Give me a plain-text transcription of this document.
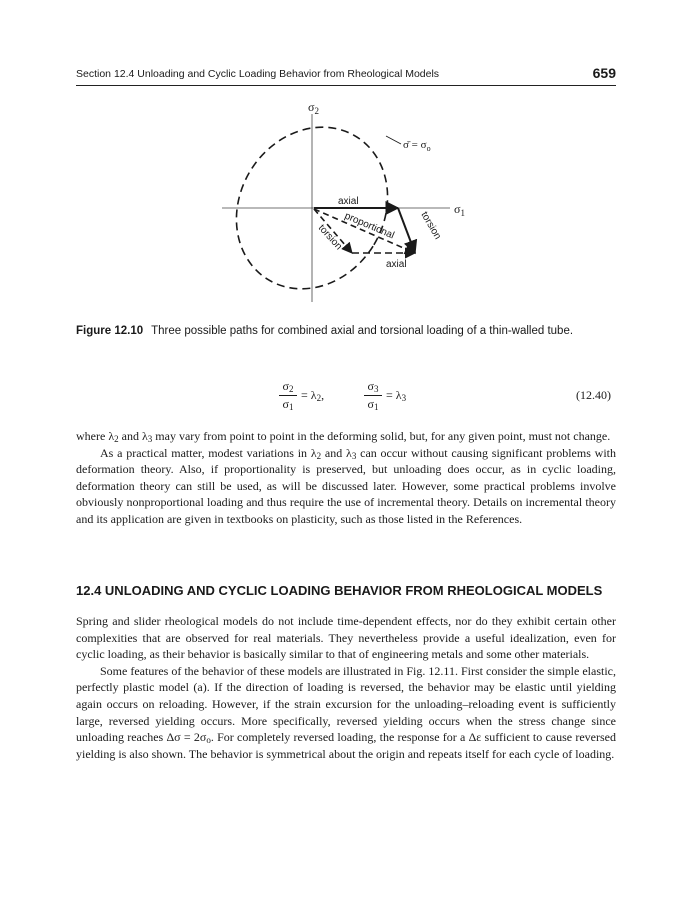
Section 12.4 Unloading and Cyclic Loading Behavior from Rheological Models	659
$\sigma_2$
$\sigma_1$
σ̄ = $\sigma_o$
axial
proportional torsion
torsion
axial
Figure 12.10 Three possible paths for combined axial and torsional loading of a thin-walled tube.
$\sigma_2$
$\sigma_1$
= $\lambda_2$,
$\sigma_3$
$\sigma_1$
= $\lambda_3$	(12.40)

where $\lambda_2$ and $\lambda_3$ may vary from point to point in the deforming solid, but, for any given point, must not change.

As a practical matter, modest variations in $\lambda_2$ and $\lambda_3$ can occur without causing significant problems with deformation theory. Also, if proportionality is preserved, but unloading does occur, as in cyclic loading, deformation theory can still be used, as will be discussed later. However, some practical problems involve obviously nonproportional loading and thus require the use of incremental theory. Details on incremental theory and its application are given in textbooks on plasticity, such as those listed in the References.

12.4 UNLOADING AND CYCLIC LOADING BEHAVIOR FROM RHEOLOGICAL MODELS

Spring and slider rheological models do not include time-dependent effects, nor do they exhibit certain other complexities that are observed for real materials. They nevertheless provide a useful idealization, even for cyclic loading, as their behavior is basically similar to that of engineering metals and some other materials.

Some features of the behavior of these models are illustrated in Fig. 12.11. First consider the simple elastic, perfectly plastic model (a). If the direction of loading is reversed, the behavior may be elastic until yielding again occurs on reloading. However, if the strain excursion for the unloading–reloading event is sufficiently large, reversed yielding occurs. More specifically, reversed yielding occurs when the stress change since unloading reaches $\Delta\sigma = 2\sigma_o$. For completely reversed loading, the response for a Δε sufficient to cause reversed yielding is also shown. The behavior is symmetrical about the origin and repeats itself for each cycle of loading.
